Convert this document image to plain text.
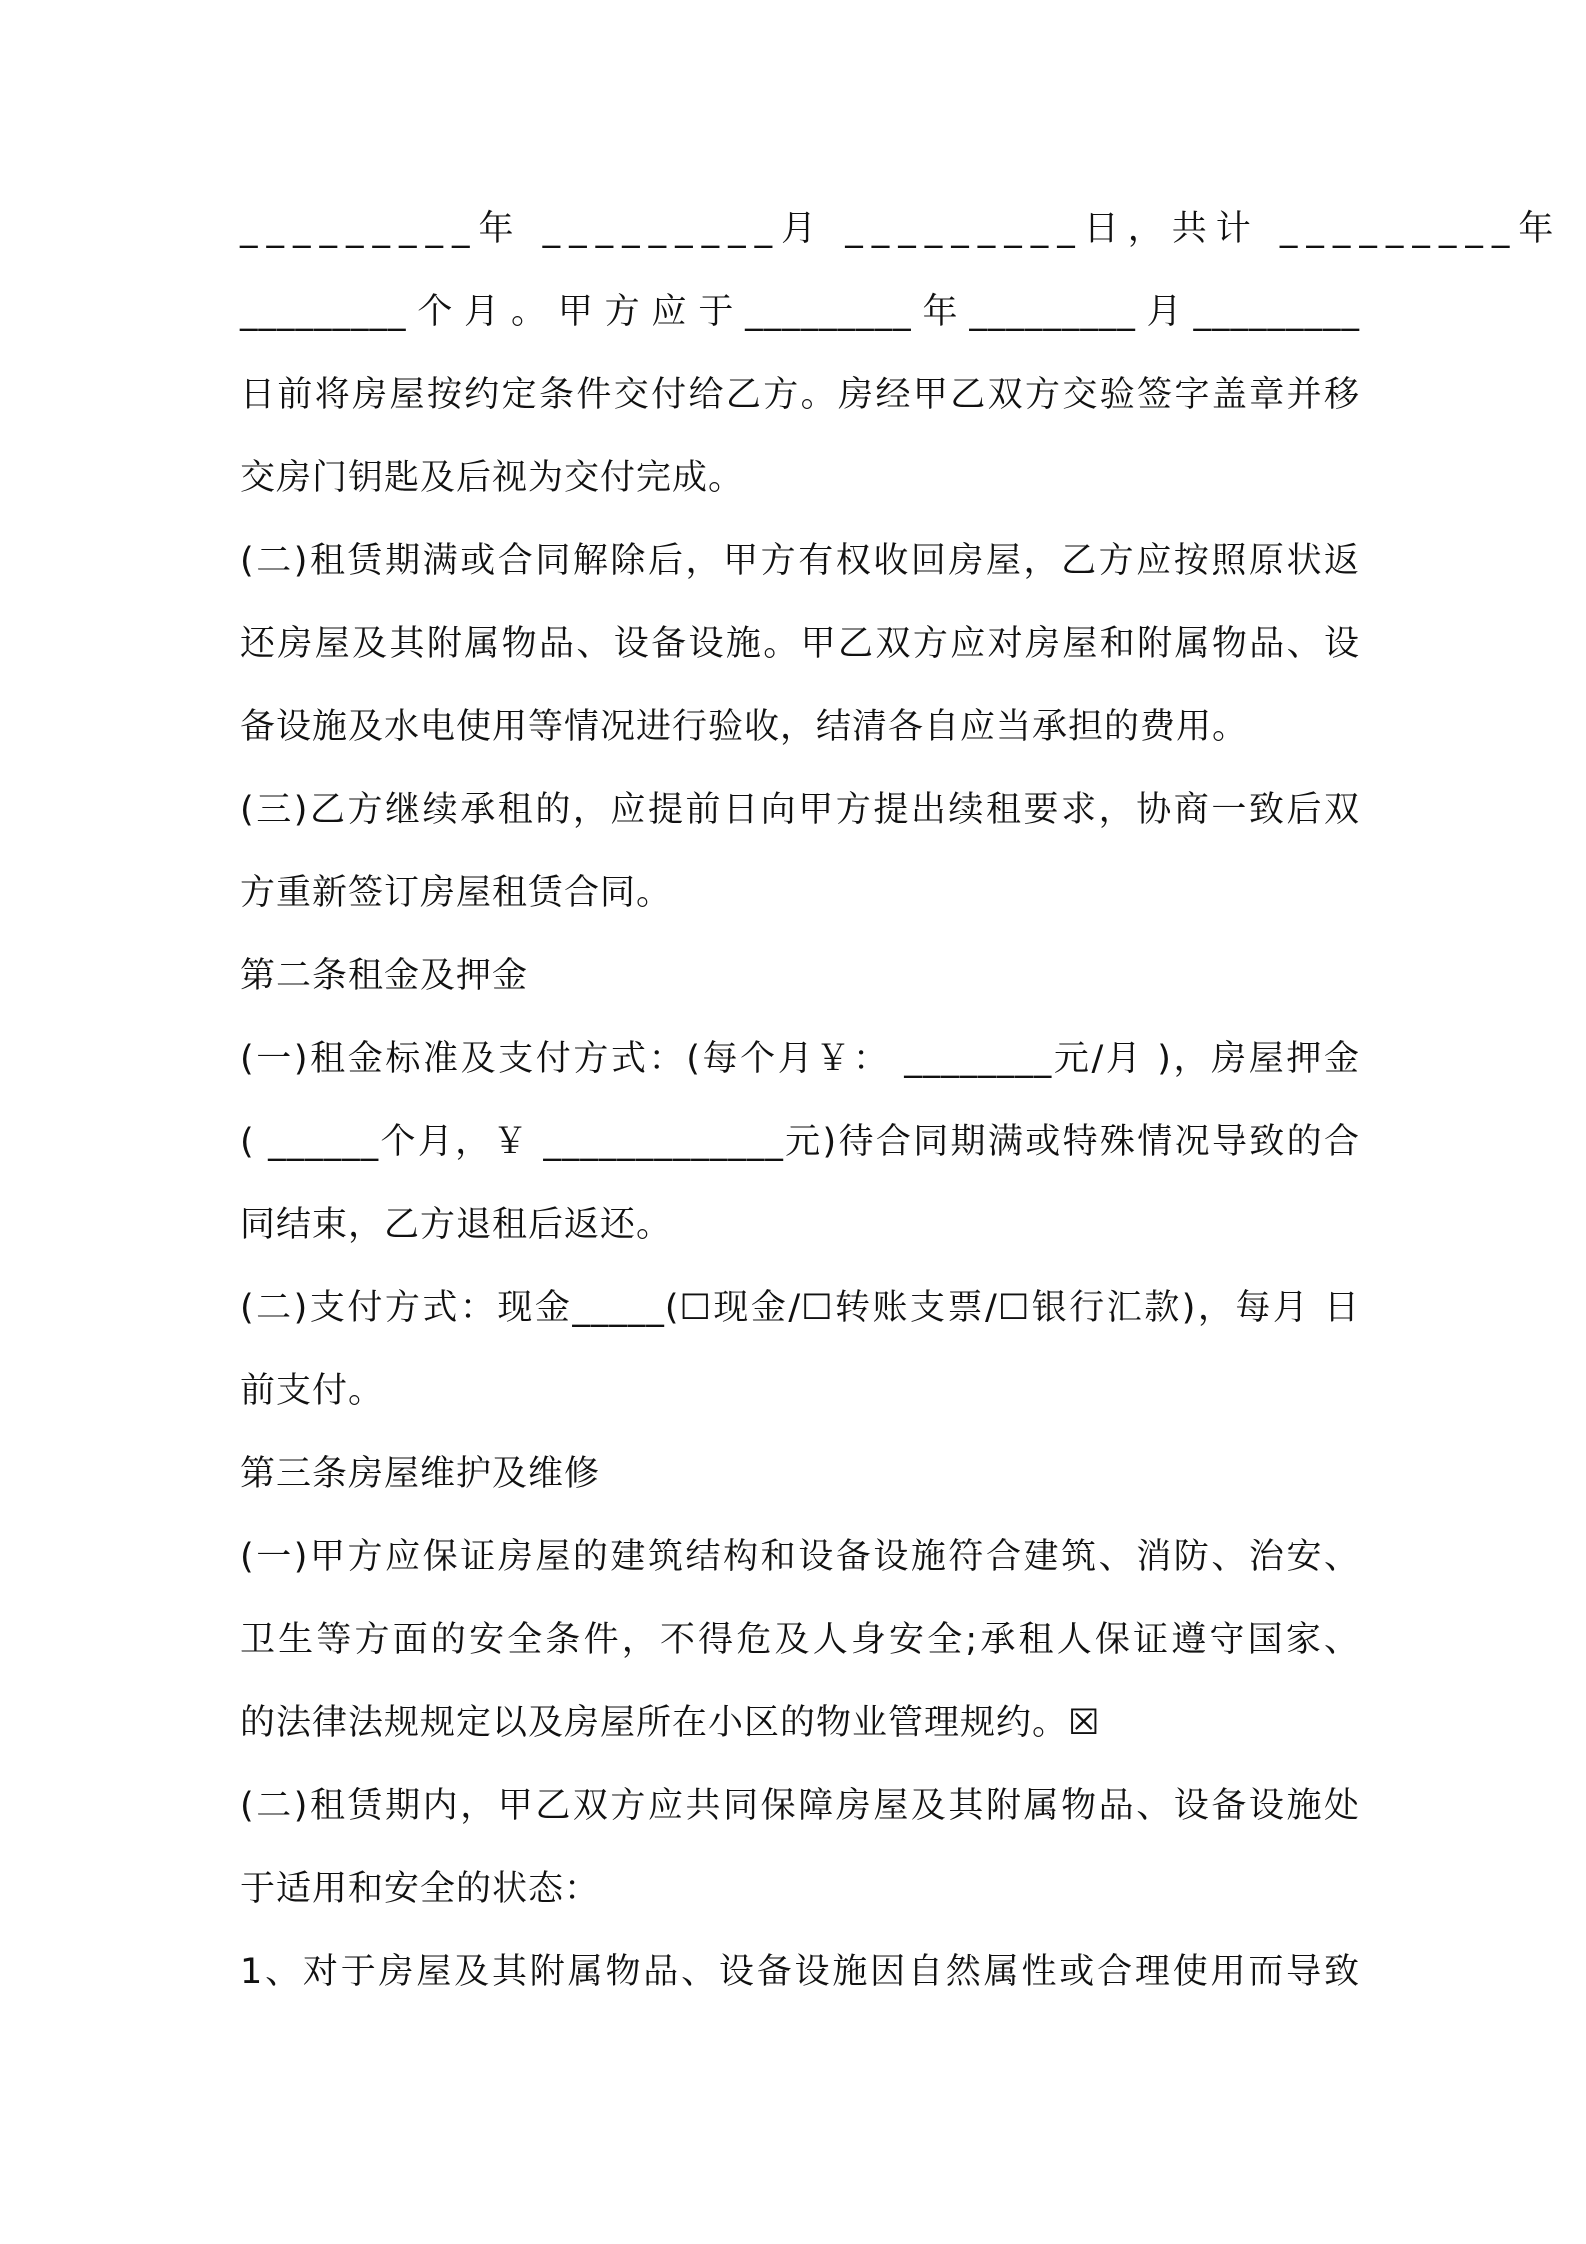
_________年 _________月 _________日，共计 _________年
_________个月。甲方应于_________年_________月_________
日前将房屋按约定条件交付给乙方。房经甲乙双方交验签字盖章并移
交房门钥匙及后视为交付完成。
(二)租赁期满或合同解除后，甲方有权收回房屋，乙方应按照原状返
还房屋及其附属物品、设备设施。甲乙双方应对房屋和附属物品、设
备设施及水电使用等情况进行验收，结清各自应当承担的费用。
(三)乙方继续承租的，应提前日向甲方提出续租要求，协商一致后双
方重新签订房屋租赁合同。
第二条租金及押金
(一)租金标准及支付方式：(每个月￥： ________元/月 )，房屋押金
( ______个月，￥ _____________元)待合同期满或特殊情况导致的合
同结束，乙方退租后返还。
(二)支付方式：现金_____(☐现金/☐转账支票/☐银行汇款)，每月 日
前支付。
第三条房屋维护及维修
(一)甲方应保证房屋的建筑结构和设备设施符合建筑、消防、治安、
卫生等方面的安全条件，不得危及人身安全;承租人保证遵守国家、
的法律法规规定以及房屋所在小区的物业管理规约。☒
(二)租赁期内，甲乙双方应共同保障房屋及其附属物品、设备设施处
于适用和安全的状态：
1、对于房屋及其附属物品、设备设施因自然属性或合理使用而导致
